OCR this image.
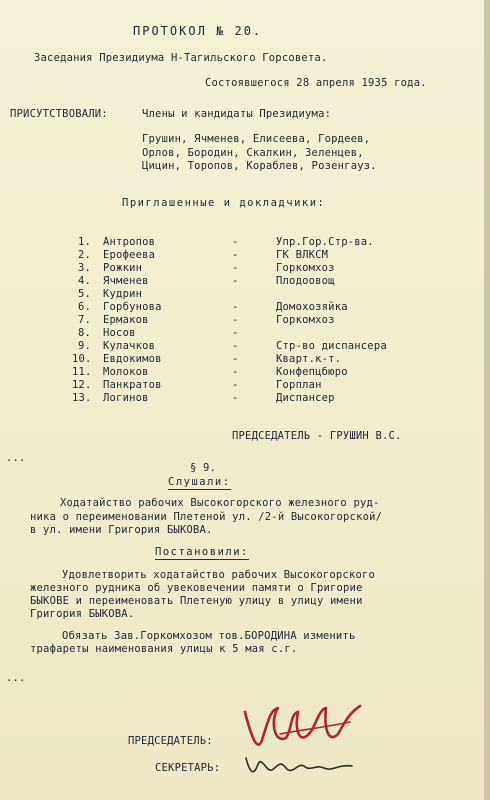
ПРОТОКОЛ № 20.
Заседания Президиума Н-Тагильского Горсовета.
Состоявшегося 28 апреля 1935 года.
ПРИСУТСТВОВАЛИ:	Члены и кандидаты Президиума:
Грушин, Ячменев, Елисеева, Гордеев,
Орлов, Бородин, Скалкин, Зеленцев,
Цицин, Торопов, Кораблев, Розенгауз.
Приглашенные и докладчики:
1. Антропов	-	Упр.Гор.Стр-ва.
2. Ерофеева	-	ГК ВЛКСМ
3. Рожкин	-	Горкомхоз
4. Ячменев	-	Плодоовощ
5. Кудрин
6. Горбунова	-	Домохозяйка
7. Ермаков	-	Горкомхоз
8. Носов	-
9. Кулачков	-	Стр-во диспансера
10. Евдокимов	-	Кварт.к-т.
11. Молоков	-	Конфепцбюро
12. Панкратов	-	Горплан
13. Логинов	-	Диспансер
ПРЕДСЕДАТЕЛЬ - ГРУШИН В.С.
...
§ 9.
Слушали:
Ходатайство рабочих Высокогорского железного руд-
ника о переименовании Плетеной ул. /2-й Высокогорской/
в ул. имени Григория БЫКОВА.
Постановили:
Удовлетворить ходатайство рабочих Высокогорского
железного рудника об увековечении памяти о Григорие
БЫКОВЕ и переименовать Плетеную улицу в улицу имени
Григория БЫКОВА.
Обязать Зав.Горкомхозом тов.БОРОДИНА изменить
трафареты наименования улицы к 5 мая с.г.
...
ПРЕДСЕДАТЕЛЬ:
СЕКРЕТАРЬ:
